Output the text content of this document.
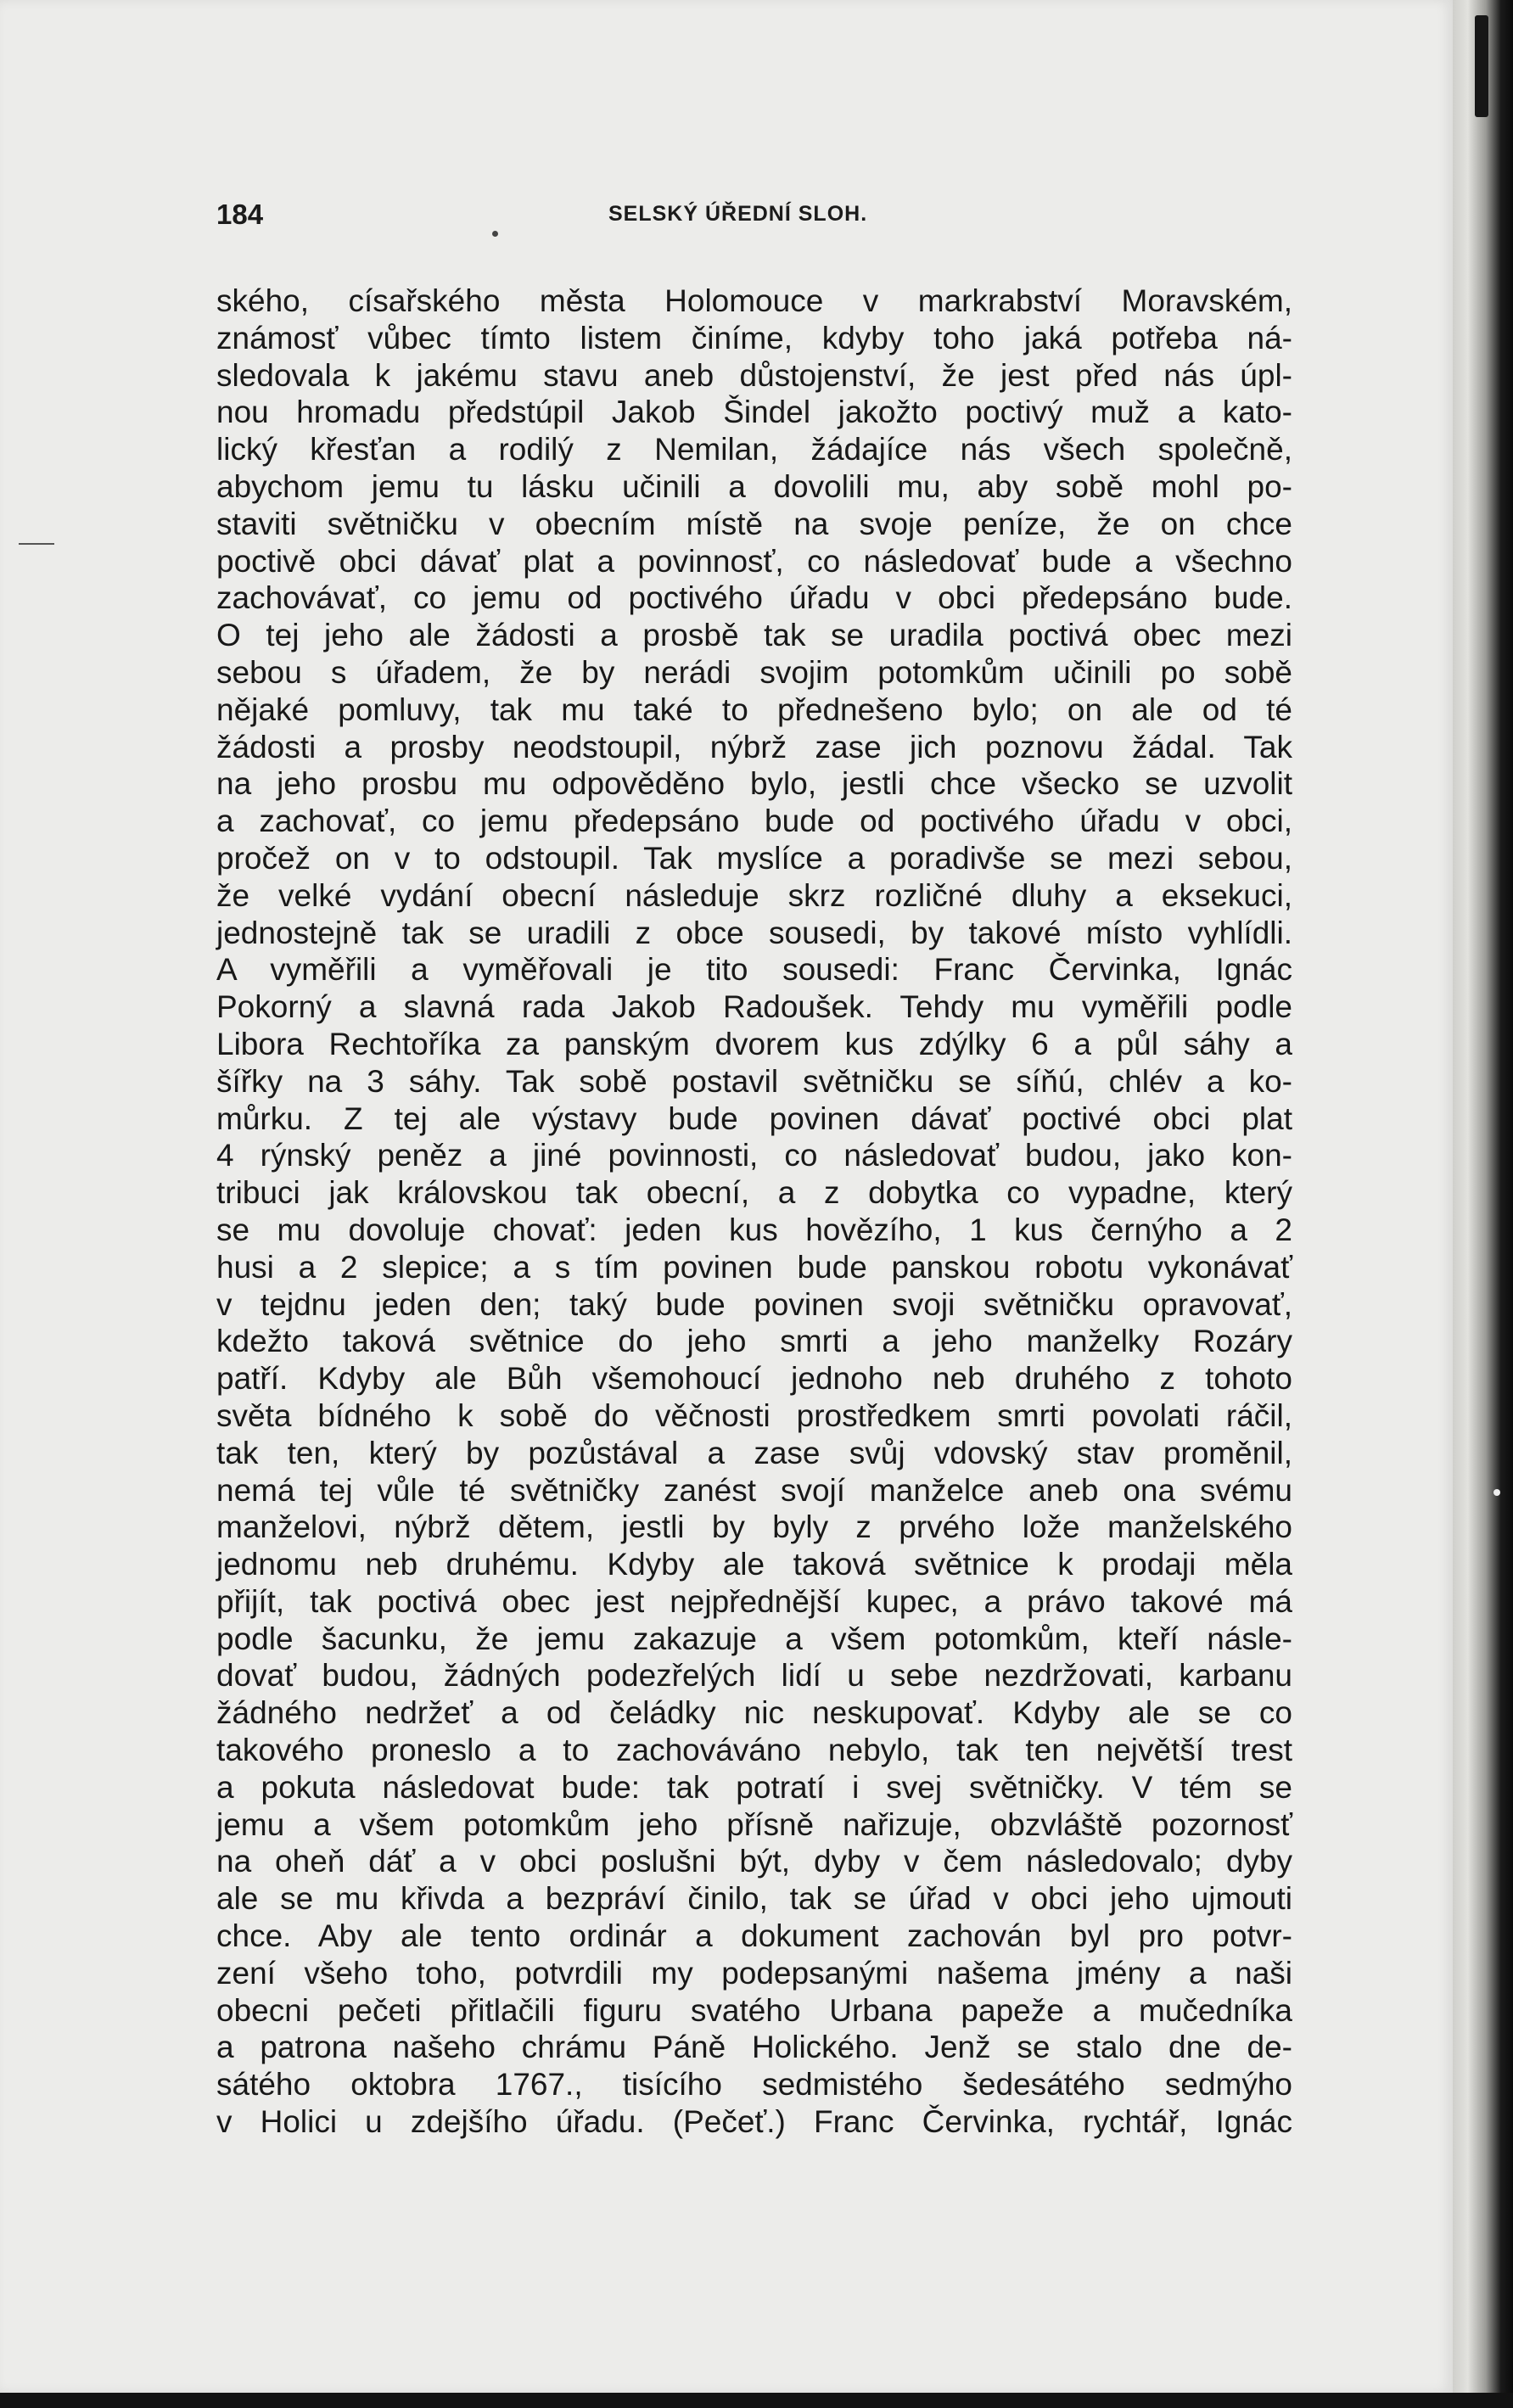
184	SELSKÝ ÚŘEDNÍ SLOH.
ského, císařského města Holomouce v markrabství Moravském,
známosť vůbec tímto listem činíme, kdyby toho jaká potřeba ná-
sledovala k jakému stavu aneb důstojenství, že jest před nás úpl-
nou hromadu předstúpil Jakob Šindel jakožto poctivý muž a kato-
lický křesťan a rodilý z Nemilan, žádajíce nás všech společně,
abychom jemu tu lásku učinili a dovolili mu, aby sobě mohl po-
staviti světničku v obecním místě na svoje peníze, že on chce
poctivě obci dávať plat a povinnosť, co následovať bude a všechno
zachovávať, co jemu od poctivého úřadu v obci předepsáno bude.
O tej jeho ale žádosti a prosbě tak se uradila poctivá obec mezi
sebou s úřadem, že by nerádi svojim potomkům učinili po sobě
nějaké pomluvy, tak mu také to přednešeno bylo; on ale od té
žádosti a prosby neodstoupil, nýbrž zase jich poznovu žádal. Tak
na jeho prosbu mu odpověděno bylo, jestli chce všecko se uzvolit
a zachovať, co jemu předepsáno bude od poctivého úřadu v obci,
pročež on v to odstoupil. Tak myslíce a poradivše se mezi sebou,
že velké vydání obecní následuje skrz rozličné dluhy a eksekuci,
jednostejně tak se uradili z obce sousedi, by takové místo vyhlídli.
A vyměřili a vyměřovali je tito sousedi: Franc Červinka, Ignác
Pokorný a slavná rada Jakob Radoušek. Tehdy mu vyměřili podle
Libora Rechtoříka za panským dvorem kus zdýlky 6 a půl sáhy a
šířky na 3 sáhy. Tak sobě postavil světničku se síňú, chlév a ko-
můrku. Z tej ale výstavy bude povinen dávať poctivé obci plat
4 rýnský peněz a jiné povinnosti, co následovať budou, jako kon-
tribuci jak královskou tak obecní, a z dobytka co vypadne, který
se mu dovoluje chovať: jeden kus hovězího, 1 kus černýho a 2
husi a 2 slepice; a s tím povinen bude panskou robotu vykonávať
v tejdnu jeden den; taký bude povinen svoji světničku opravovať,
kdežto taková světnice do jeho smrti a jeho manželky Rozáry
patří. Kdyby ale Bůh všemohoucí jednoho neb druhého z tohoto
světa bídného k sobě do věčnosti prostředkem smrti povolati ráčil,
tak ten, který by pozůstával a zase svůj vdovský stav proměnil,
nemá tej vůle té světničky zanést svojí manželce aneb ona svému
manželovi, nýbrž dětem, jestli by byly z prvého lože manželského
jednomu neb druhému. Kdyby ale taková světnice k prodaji měla
přijít, tak poctivá obec jest nejpřednější kupec, a právo takové má
podle šacunku, že jemu zakazuje a všem potomkům, kteří násle-
dovať budou, žádných podezřelých lidí u sebe nezdržovati, karbanu
žádného nedržeť a od čeládky nic neskupovať. Kdyby ale se co
takového proneslo a to zachováváno nebylo, tak ten největší trest
a pokuta následovat bude: tak potratí i svej světničky. V tém se
jemu a všem potomkům jeho přísně nařizuje, obzvláště pozornosť
na oheň dáť a v obci poslušni být, dyby v čem následovalo; dyby
ale se mu křivda a bezpráví činilo, tak se úřad v obci jeho ujmouti
chce. Aby ale tento ordinár a dokument zachován byl pro potvr-
zení všeho toho, potvrdili my podepsanými našema jmény a naši
obecni pečeti přitlačili figuru svatého Urbana papeže a mučedníka
a patrona našeho chrámu Páně Holického. Jenž se stalo dne de-
sátého oktobra 1767., tisícího sedmistého šedesátého sedmýho
v Holici u zdejšího úřadu. (Pečeť.) Franc Červinka, rychtář, Ignác
